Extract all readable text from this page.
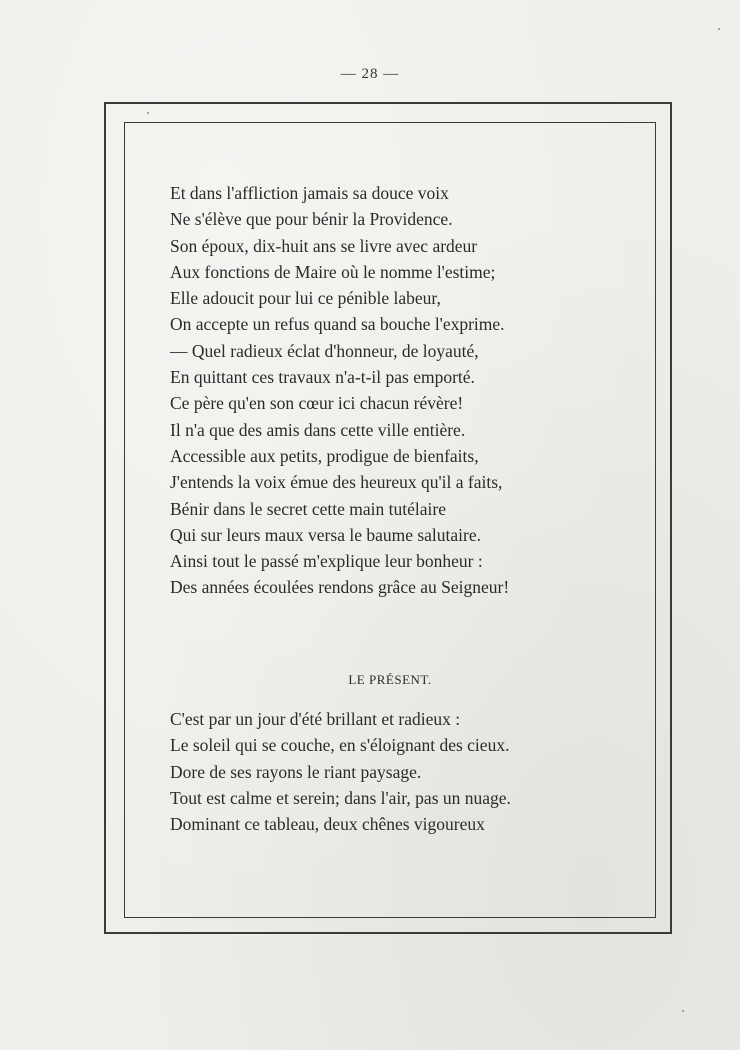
— 28 —
Et dans l'affliction jamais sa douce voix
Ne s'élève que pour bénir la Providence.
Son époux, dix-huit ans se livre avec ardeur
Aux fonctions de Maire où le nomme l'estime;
Elle adoucit pour lui ce pénible labeur,
On accepte un refus quand sa bouche l'exprime.
— Quel radieux éclat d'honneur, de loyauté,
En quittant ces travaux n'a-t-il pas emporté.
Ce père qu'en son cœur ici chacun révère!
Il n'a que des amis dans cette ville entière.
Accessible aux petits, prodigue de bienfaits,
J'entends la voix émue des heureux qu'il a faits,
Bénir dans le secret cette main tutélaire
Qui sur leurs maux versa le baume salutaire.
Ainsi tout le passé m'explique leur bonheur :
Des années écoulées rendons grâce au Seigneur!
LE PRÉSENT.
C'est par un jour d'été brillant et radieux :
Le soleil qui se couche, en s'éloignant des cieux.
Dore de ses rayons le riant paysage.
Tout est calme et serein; dans l'air, pas un nuage.
Dominant ce tableau, deux chênes vigoureux
